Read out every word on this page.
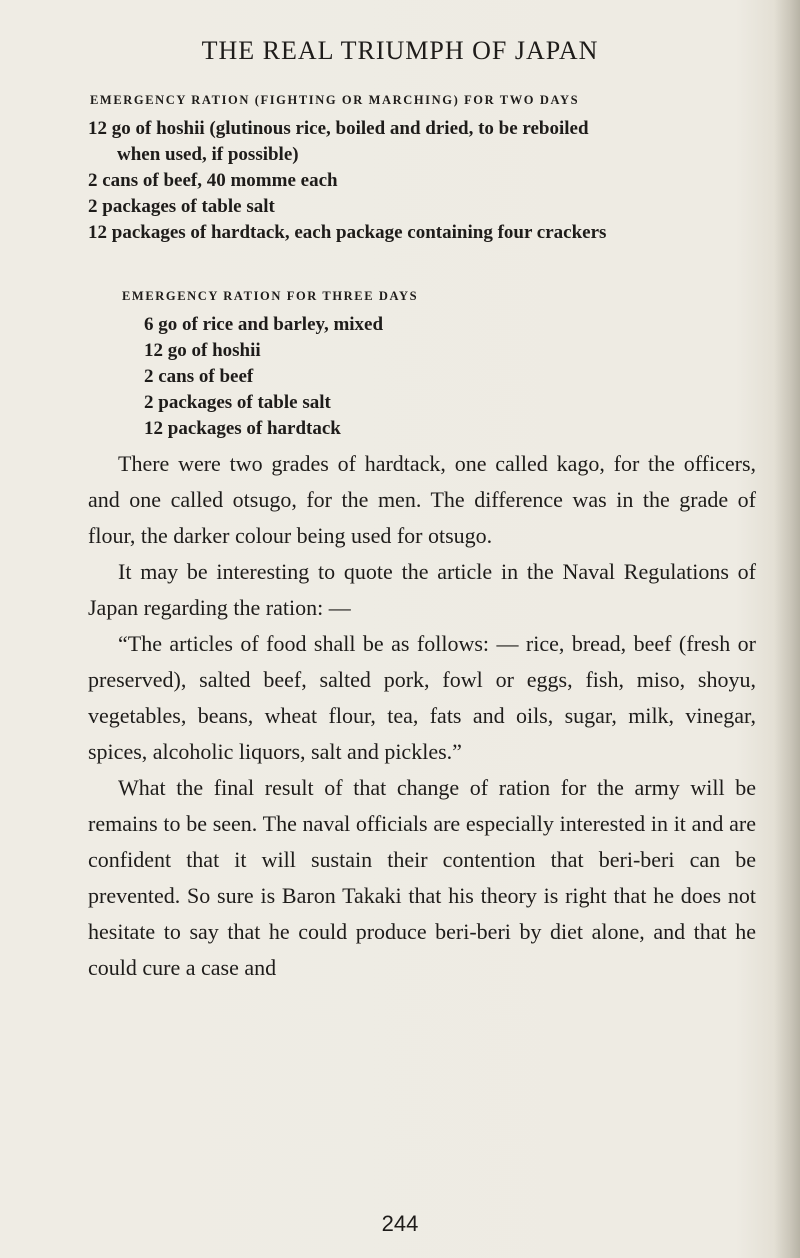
THE REAL TRIUMPH OF JAPAN
EMERGENCY RATION (FIGHTING OR MARCHING) FOR TWO DAYS
12 go of hoshii (glutinous rice, boiled and dried, to be reboiled
when used, if possible)
2 cans of beef, 40 momme each
2 packages of table salt
12 packages of hardtack, each package containing four crackers
EMERGENCY RATION FOR THREE DAYS
6 go of rice and barley, mixed
12 go of hoshii
2 cans of beef
2 packages of table salt
12 packages of hardtack

There were two grades of hardtack, one called kago, for the officers, and one called otsugo, for the men. The difference was in the grade of flour, the darker colour being used for otsugo.

It may be interesting to quote the article in the Naval Regulations of Japan regarding the ration: —

“The articles of food shall be as follows: — rice, bread, beef (fresh or preserved), salted beef, salted pork, fowl or eggs, fish, miso, shoyu, vegetables, beans, wheat flour, tea, fats and oils, sugar, milk, vinegar, spices, alcoholic liquors, salt and pickles.”

What the final result of that change of ration for the army will be remains to be seen. The naval officials are especially interested in it and are confident that it will sustain their contention that beri-beri can be prevented. So sure is Baron Takaki that his theory is right that he does not hesitate to say that he could produce beri-beri by diet alone, and that he could cure a case and

244
